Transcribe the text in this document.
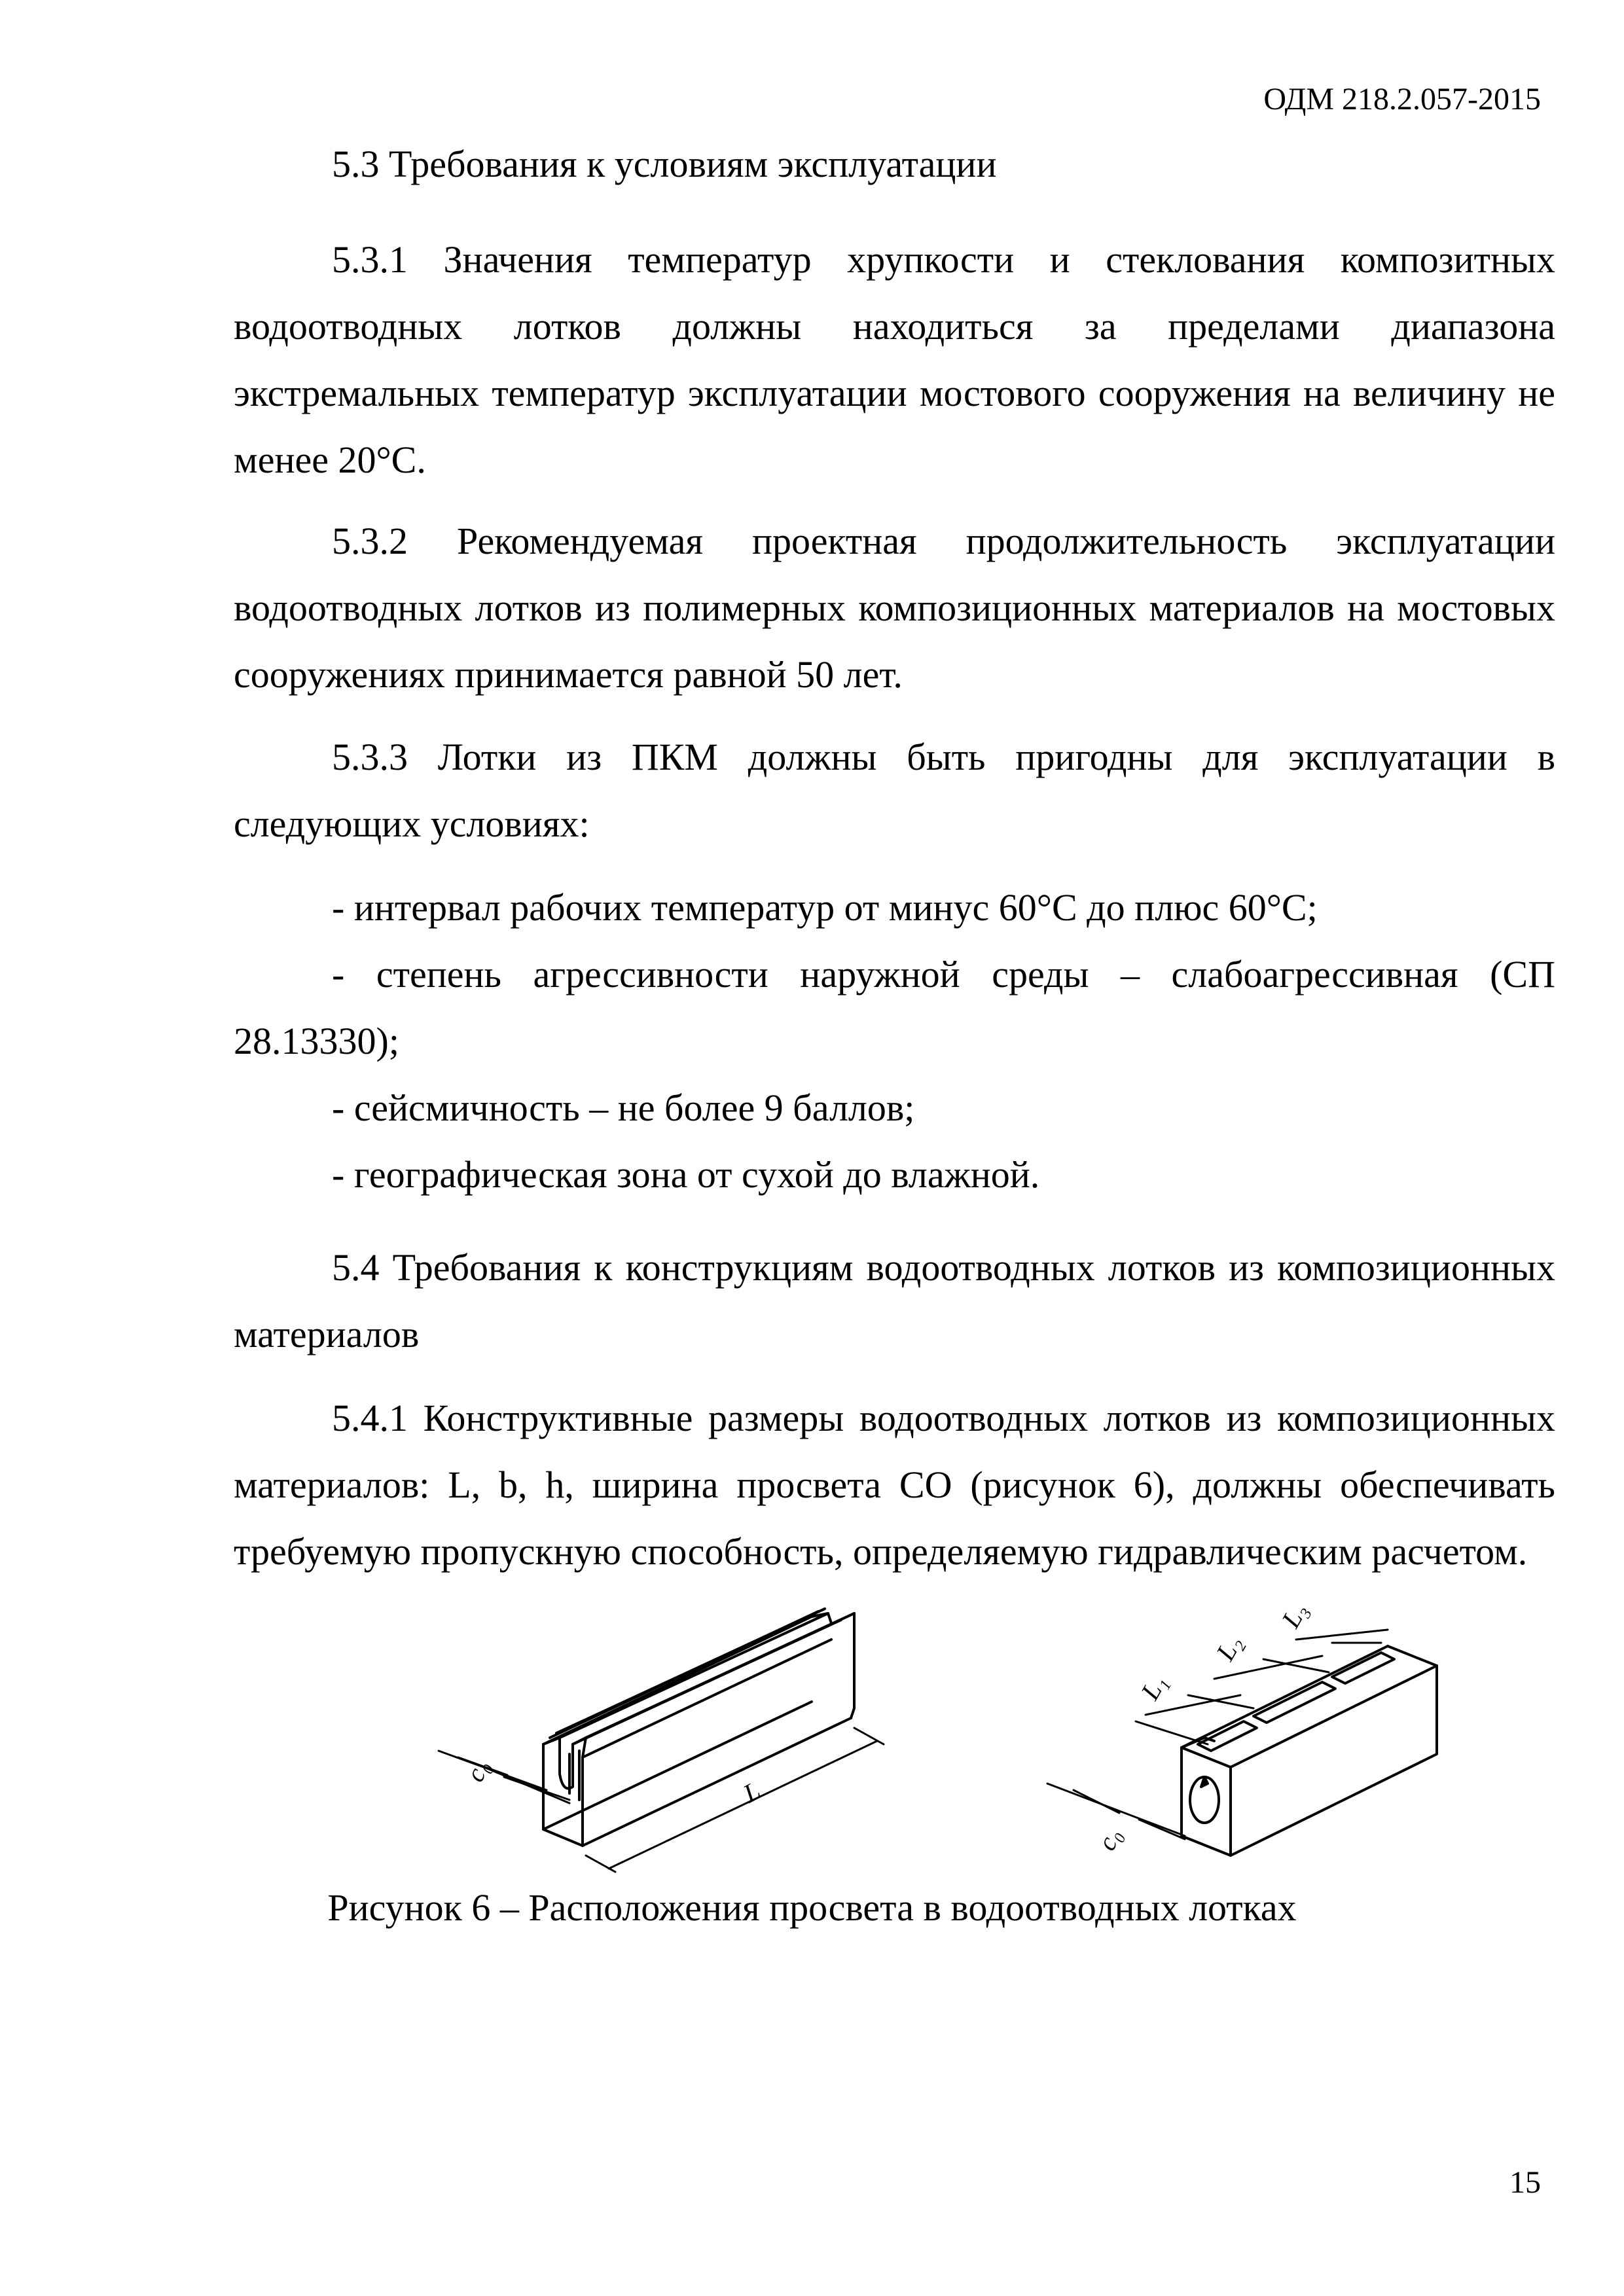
ОДМ 218.2.057-2015

5.3 Требования к условиям эксплуатации

5.3.1 Значения температур хрупкости и стеклования композитных водоотводных лотков должны находиться за пределами диапазона экстремальных температур эксплуатации мостового сооружения на величину не менее 20°С.

5.3.2 Рекомендуемая проектная продолжительность эксплуатации водоотводных лотков из полимерных композиционных материалов на мостовых сооружениях принимается равной 50 лет.

5.3.3 Лотки из ПКМ должны быть пригодны для эксплуатации в следующих условиях:

- интервал рабочих температур от минус 60°С до плюс 60°С;

- степень агрессивности наружной среды – слабоагрессивная (СП 28.13330);

- сейсмичность – не более 9 баллов;

- географическая зона от сухой до влажной.

5.4 Требования к конструкциям водоотводных лотков из композиционных материалов

5.4.1 Конструктивные размеры водоотводных лотков из композиционных материалов: L, b, h, ширина просвета СО (рисунок 6), должны обеспечивать требуемую пропускную способность, определяемую гидравлическим расчетом.

c₀
L
L₁
L₂
L₃
c₀
Рисунок 6 – Расположения просвета в водоотводных лотках
15
